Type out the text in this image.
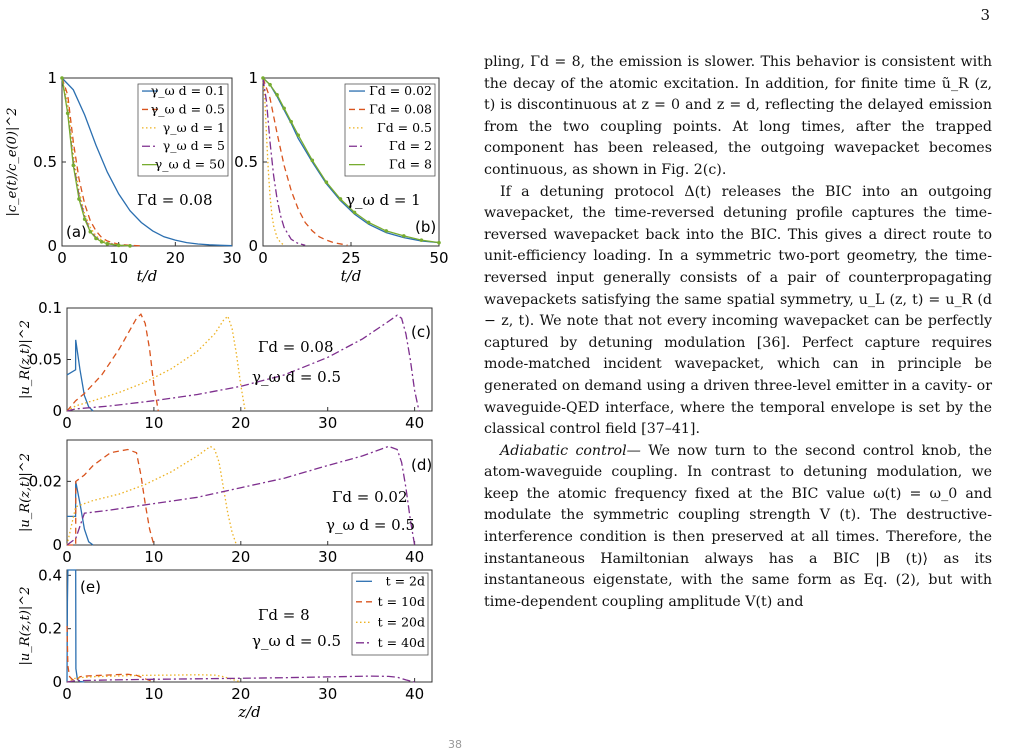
3
0	10	20	30
0
0.5
1
t/d
|c_e(t)/c_e(0)|^2
(a)
Γd = 0.08
γ_ω d = 0.1
γ_ω d = 0.5
γ_ω d = 1
γ_ω d = 5
γ_ω d = 50
0	25	50
0
0.5
1
t/d
(b)
γ_ω d = 1
Γd = 0.02
Γd = 0.08
Γd = 0.5
Γd = 2
Γd = 8
0	10	20	30	40
0
0.05
0.1
|u_R(z,t)|^2	(c)
Γd = 0.08
γ_ω d = 0.5
0	10	20	30	40
0
0.02
|u_R(z,t)|^2	(d)
Γd = 0.02
γ_ω d = 0.5
0	10	20	30	40
0
0.2
0.4
z/d
|u_R(z,t)|^2	(e)
Γd = 8
γ_ω d = 0.5
t = 2d
t = 10d
t = 20d
t = 40d

pling, Γd = 8, the emission is slower. This behavior is consistent with the decay of the atomic excitation. In addition, for finite time ũ_R (z, t) is discontinuous at z = 0 and z = d, reflecting the delayed emission from the two coupling points. At long times, after the trapped component has been released, the outgoing wavepacket becomes continuous, as shown in Fig. 2(c).

If a detuning protocol Δ(t) releases the BIC into an outgoing wavepacket, the time-reversed detuning profile captures the time-reversed wavepacket back into the BIC. This gives a direct route to unit-efficiency loading. In a symmetric two-port geometry, the time-reversed input generally consists of a pair of counterpropagating wavepackets satisfying the same spatial symmetry, u_L (z, t) = u_R (d − z, t). We note that not every incoming wavepacket can be perfectly captured by detuning modulation [36]. Perfect capture requires mode-matched incident wavepacket, which can in principle be generated on demand using a driven three-level emitter in a cavity- or waveguide-QED interface, where the temporal envelope is set by the classical control field [37–41].

Adiabatic control— We now turn to the second control knob, the atom-waveguide coupling. In contrast to detuning modulation, we keep the atomic frequency fixed at the BIC value ω(t) = ω_0 and modulate the symmetric coupling strength V (t). The destructive-interference condition is then preserved at all times. Therefore, the instantaneous Hamiltonian always has a BIC |B (t)⟩ as its instantaneous eigenstate, with the same form as Eq. (2), but with time-dependent coupling amplitude V(t) and

38
